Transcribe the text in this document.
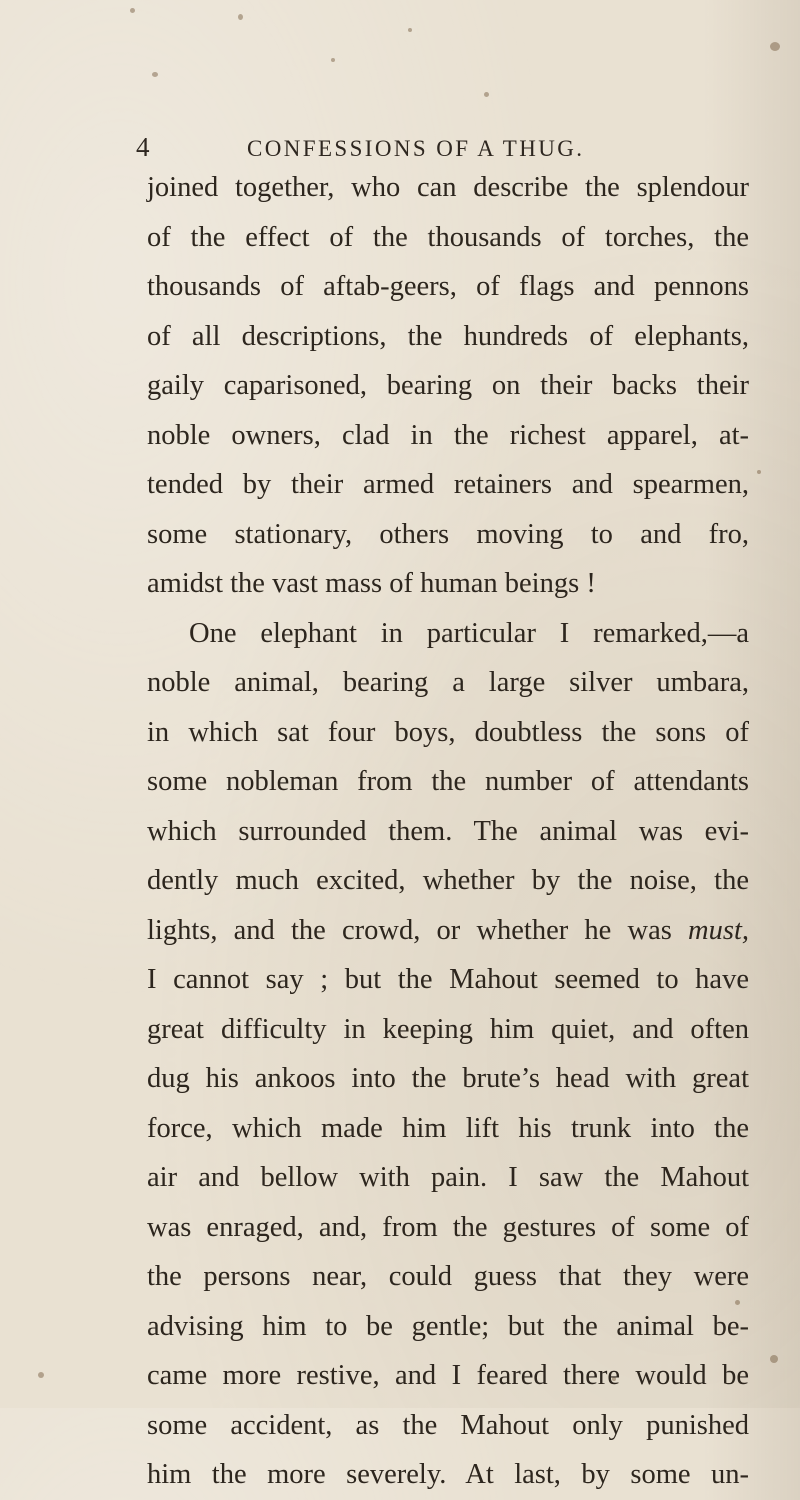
4	CONFESSIONS OF A THUG.
joined together, who can describe the splendour
of the effect of the thousands of torches, the
thousands of aftab-geers, of flags and pennons
of all descriptions, the hundreds of elephants,
gaily caparisoned, bearing on their backs their
noble owners, clad in the richest apparel, at-
tended by their armed retainers and spearmen,
some stationary, others moving to and fro,
amidst the vast mass of human beings !
One elephant in particular I remarked,—a
noble animal, bearing a large silver umbara,
in which sat four boys, doubtless the sons of
some nobleman from the number of attendants
which surrounded them. The animal was evi-
dently much excited, whether by the noise, the
lights, and the crowd, or whether he was must,
I cannot say ; but the Mahout seemed to have
great difficulty in keeping him quiet, and often
dug his ankoos into the brute’s head with great
force, which made him lift his trunk into the
air and bellow with pain. I saw the Mahout
was enraged, and, from the gestures of some of
the persons near, could guess that they were
advising him to be gentle; but the animal be-
came more restive, and I feared there would be
some accident, as the Mahout only punished
him the more severely. At last, by some un-
